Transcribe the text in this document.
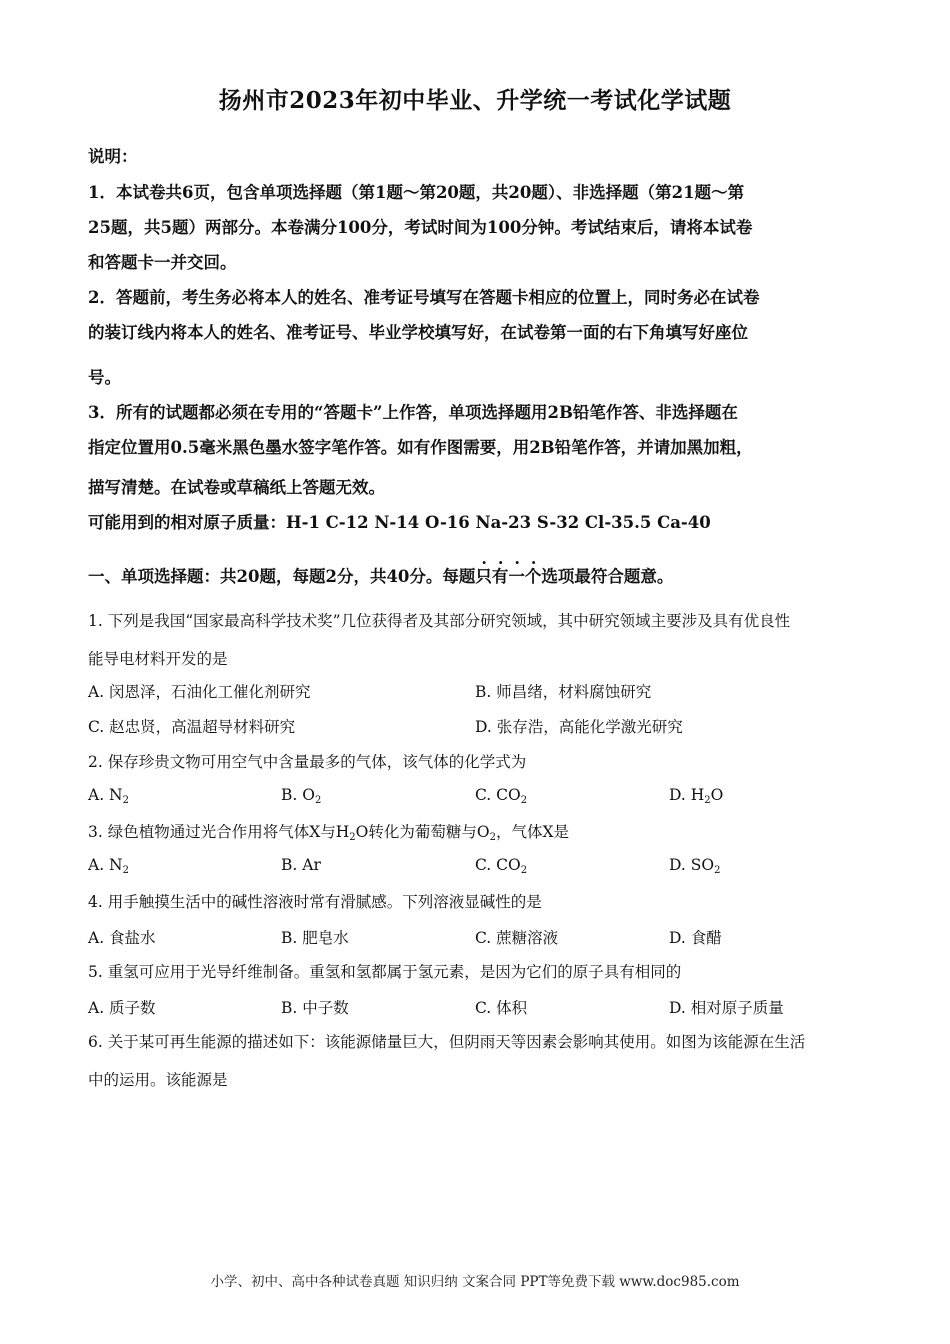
扬州市2023年初中毕业、升学统一考试化学试题
说明：
1．本试卷共6页，包含单项选择题（第1题～第20题，共20题）、非选择题（第21题～第
25题，共5题）两部分。本卷满分100分，考试时间为100分钟。考试结束后，请将本试卷
和答题卡一并交回。
2．答题前，考生务必将本人的姓名、准考证号填写在答题卡相应的位置上，同时务必在试卷
的装订线内将本人的姓名、准考证号、毕业学校填写好，在试卷第一面的右下角填写好座位
号。
3．所有的试题都必须在专用的“答题卡”上作答，单项选择题用2B铅笔作答、非选择题在
指定位置用0.5毫米黑色墨水签字笔作答。如有作图需要，用2B铅笔作答，并请加黑加粗，
描写清楚。在试卷或草稿纸上答题无效。
可能用到的相对原子质量：H-1 C-12 N-14 O-16 Na-23 S-32 Cl-35.5 Ca-40
一、单项选择题：共20题，每题2分，共40分。每题只有一个选项最符合题意。
1. 下列是我国“国家最高科学技术奖”几位获得者及其部分研究领域，其中研究领域主要涉及具有优良性
能导电材料开发的是
A. 闵恩泽，石油化工催化剂研究	B. 师昌绪，材料腐蚀研究
C. 赵忠贤，高温超导材料研究	D. 张存浩，高能化学激光研究
2. 保存珍贵文物可用空气中含量最多的气体，该气体的化学式为
A. $N_2$	B. $O_2$	C. $CO_2$	D. $H_2O$
3. 绿色植物通过光合作用将气体X与$H_2O$转化为葡萄糖与$O_2$，气体X是
A. $N_2$	B. Ar	C. $CO_2$	D. $SO_2$
4. 用手触摸生活中的碱性溶液时常有滑腻感。下列溶液显碱性的是
A. 食盐水	B. 肥皂水	C. 蔗糖溶液	D. 食醋
5. 重氢可应用于光导纤维制备。重氢和氢都属于氢元素，是因为它们的原子具有相同的
A. 质子数	B. 中子数	C. 体积	D. 相对原子质量
6. 关于某可再生能源的描述如下：该能源储量巨大，但阴雨天等因素会影响其使用。如图为该能源在生活
中的运用。该能源是
小学、初中、高中各种试卷真题 知识归纳 文案合同 PPT等免费下载 www.doc985.com
